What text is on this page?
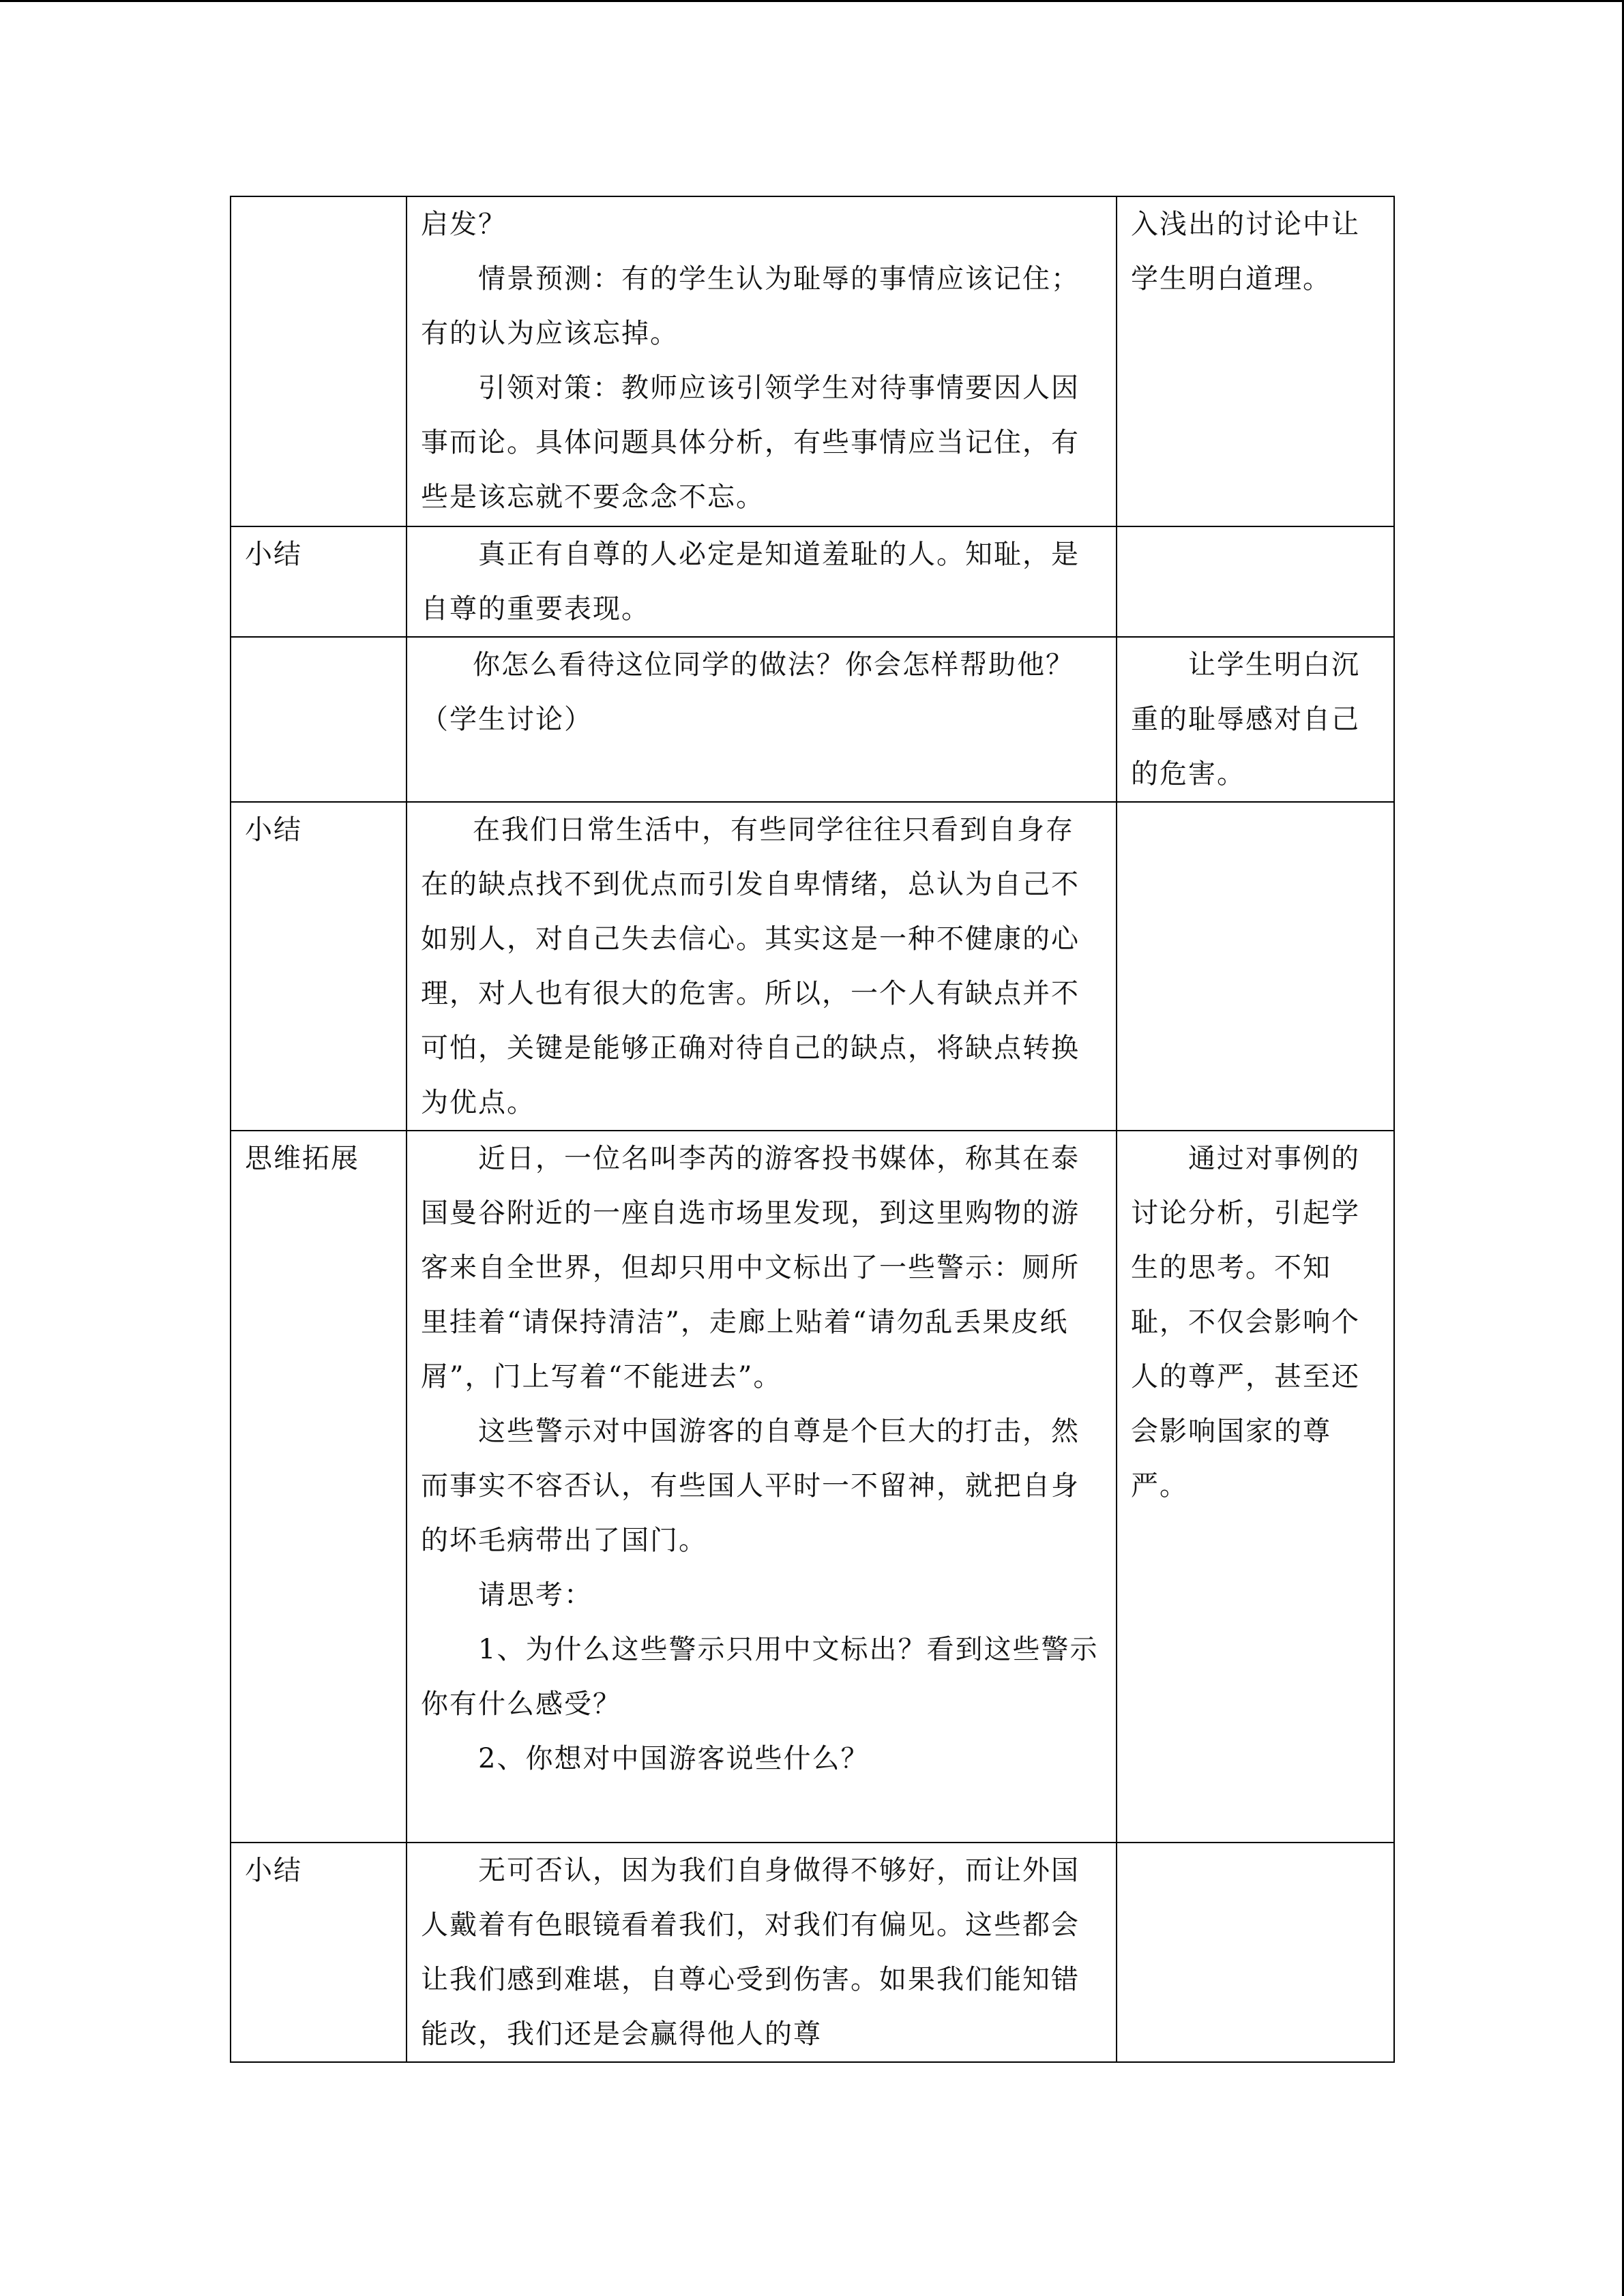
	启发？

情景预测：有的学生认为耻辱的事情应该记住；有的认为应该忘掉。

引领对策：教师应该引领学生对待事情要因人因事而论。具体问题具体分析，有些事情应当记住，有些是该忘就不要念念不忘。	入浅出的讨论中让学生明白道理。

小结	真正有自尊的人必定是知道羞耻的人。知耻，是自尊的重要表现。	

	你怎么看待这位同学的做法？你会怎样帮助他？（学生讨论）	让学生明白沉重的耻辱感对自己的危害。

小结	在我们日常生活中，有些同学往往只看到自身存在的缺点找不到优点而引发自卑情绪，总认为自己不如别人，对自己失去信心。其实这是一种不健康的心理，对人也有很大的危害。所以，一个人有缺点并不可怕，关键是能够正确对待自己的缺点，将缺点转换为优点。	

思维拓展	近日，一位名叫李芮的游客投书媒体，称其在泰国曼谷附近的一座自选市场里发现，到这里购物的游客来自全世界，但却只用中文标出了一些警示：厕所里挂着“请保持清洁”，走廊上贴着“请勿乱丢果皮纸屑”，门上写着“不能进去”。

这些警示对中国游客的自尊是个巨大的打击，然而事实不容否认，有些国人平时一不留神，就把自身的坏毛病带出了国门。

请思考：

1、为什么这些警示只用中文标出？看到这些警示你有什么感受？

2、你想对中国游客说些什么？	通过对事例的讨论分析，引起学生的思考。不知耻，不仅会影响个人的尊严，甚至还会影响国家的尊严。

小结	无可否认，因为我们自身做得不够好，而让外国人戴着有色眼镜看着我们，对我们有偏见。这些都会让我们感到难堪，自尊心受到伤害。如果我们能知错能改，我们还是会赢得他人的尊	
